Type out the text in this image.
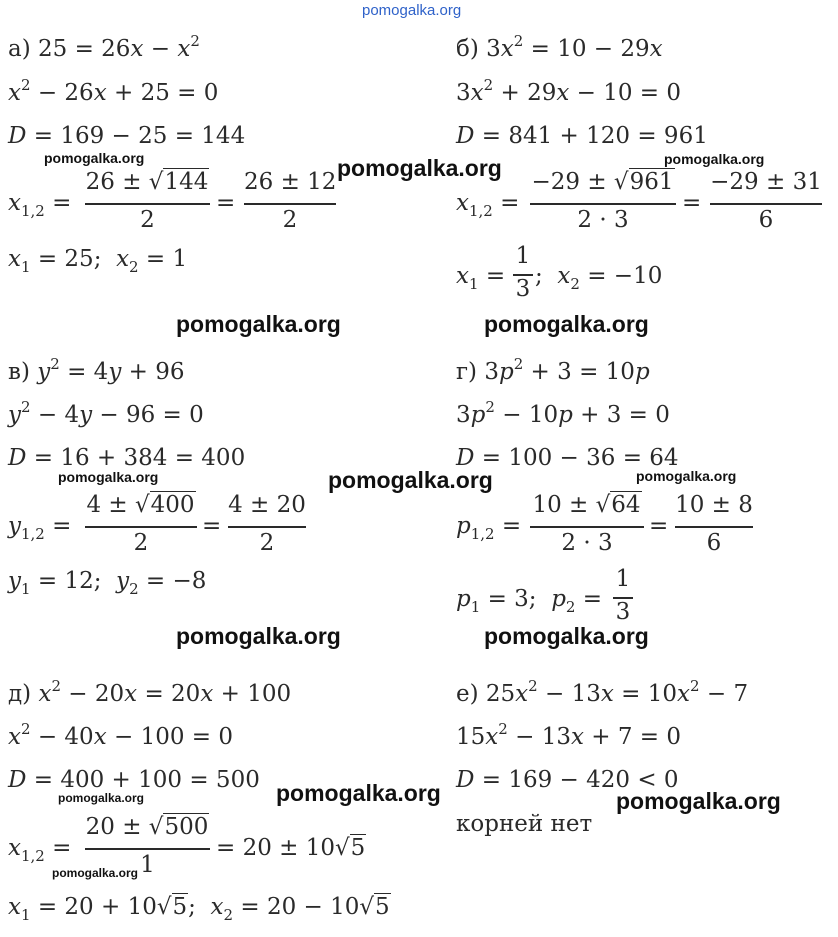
pomogalka.org
а) $25 = 26x - x^2$
$x^2 - 26x + 25 = 0$
D = 169 − 25 = 144
$x_{1,2}$ =
26 ± √144
2
=
26 ± 12
2
$x_1 = 25$;  $x_2 = 1$
б) $3x^2 = 10 - 29x$
$3x^2 + 29x - 10 = 0$
D = 841 + 120 = 961
$x_{1,2}$ =
−29 ± √961
2 · 3
=
−29 ± 31
6
$x_1$ =
1
3 ;  $x_2 = -10$
в) $y^2 = 4y + 96$
$y^2 - 4y - 96 = 0$
D = 16 + 384 = 400
$y_{1,2}$ =
4 ± √400
2
=
4 ± 20
2
$y_1 = 12$;  $y_2 = -8$
г) $3p^2 + 3 = 10p$
$3p^2 - 10p + 3 = 0$
D = 100 − 36 = 64
$p_{1,2}$ =
10 ± √64
2 · 3
=
10 ± 8
6
$p_1 = 3$;  $p_2$ =
1
3
д) $x^2 - 20x = 20x + 100$
$x^2 - 40x - 100 = 0$
D = 400 + 100 = 500
$x_{1,2}$ =
20 ± √500
1
= 20 ± 10√5
$x_1 = 20 + 10√5$;  $x_2 = 20 - 10√5$
е) $25x^2 - 13x = 10x^2 - 7$
$15x^2 - 13x + 7 = 0$
D = 169 − 420 < 0
корней нет
pomogalka.org	pomogalka.org	pomogalka.org
pomogalka.org	pomogalka.org
pomogalka.org	pomogalka.org	pomogalka.org
pomogalka.org	pomogalka.org
pomogalka.org	pomogalka.org	pomogalka.org
pomogalka.org
